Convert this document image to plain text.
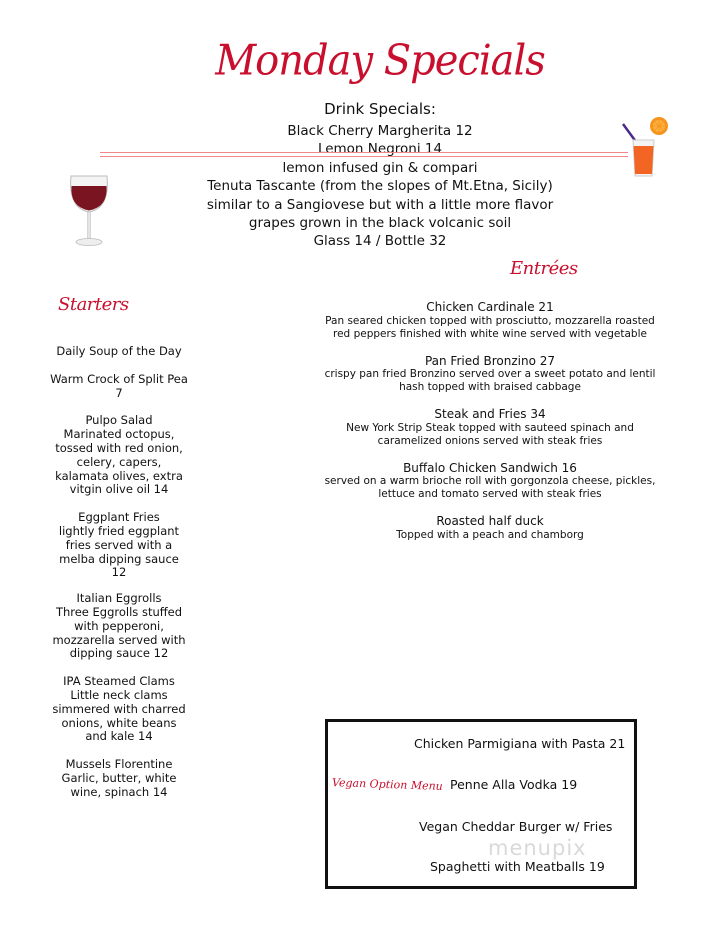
Monday Specials
Drink Specials:
Black Cherry Margherita 12
Lemon Negroni 14
lemon infused gin & compari
Tenuta Tascante (from the slopes of Mt.Etna, Sicily)
similar to a Sangiovese but with a little more flavor
grapes grown in the black volcanic soil
Glass 14 / Bottle 32
Entrées
Starters
Daily Soup of the Day
Warm Crock of Split Pea 7
Pulpo Salad
Marinated octopus, tossed with red onion, celery, capers, kalamata olives, extra vitgin olive oil 14
Eggplant Fries
lightly fried eggplant fries served with a melba dipping sauce 12
Italian Eggrolls
Three Eggrolls stuffed with pepperoni, mozzarella served with dipping sauce 12
IPA Steamed Clams
Little neck clams simmered with charred onions, white beans and kale 14
Mussels Florentine
Garlic, butter, white wine, spinach 14
Chicken Cardinale 21
Pan seared chicken topped with prosciutto, mozzarella roasted red peppers finished with white wine served with vegetable
Pan Fried Bronzino 27
crispy pan fried Bronzino served over a sweet potato and lentil hash topped with braised cabbage
Steak and Fries 34
New York Strip Steak topped with sauteed spinach and caramelized onions served with steak fries
Buffalo Chicken Sandwich 16
served on a warm brioche roll with gorgonzola cheese, pickles, lettuce and tomato served with steak fries
Roasted half duck
Topped with a peach and chamborg
Vegan Option Menu
Chicken Parmigiana with Pasta 21
Penne Alla Vodka 19
Vegan Cheddar Burger w/ Fries
Spaghetti with Meatballs 19
menupix
